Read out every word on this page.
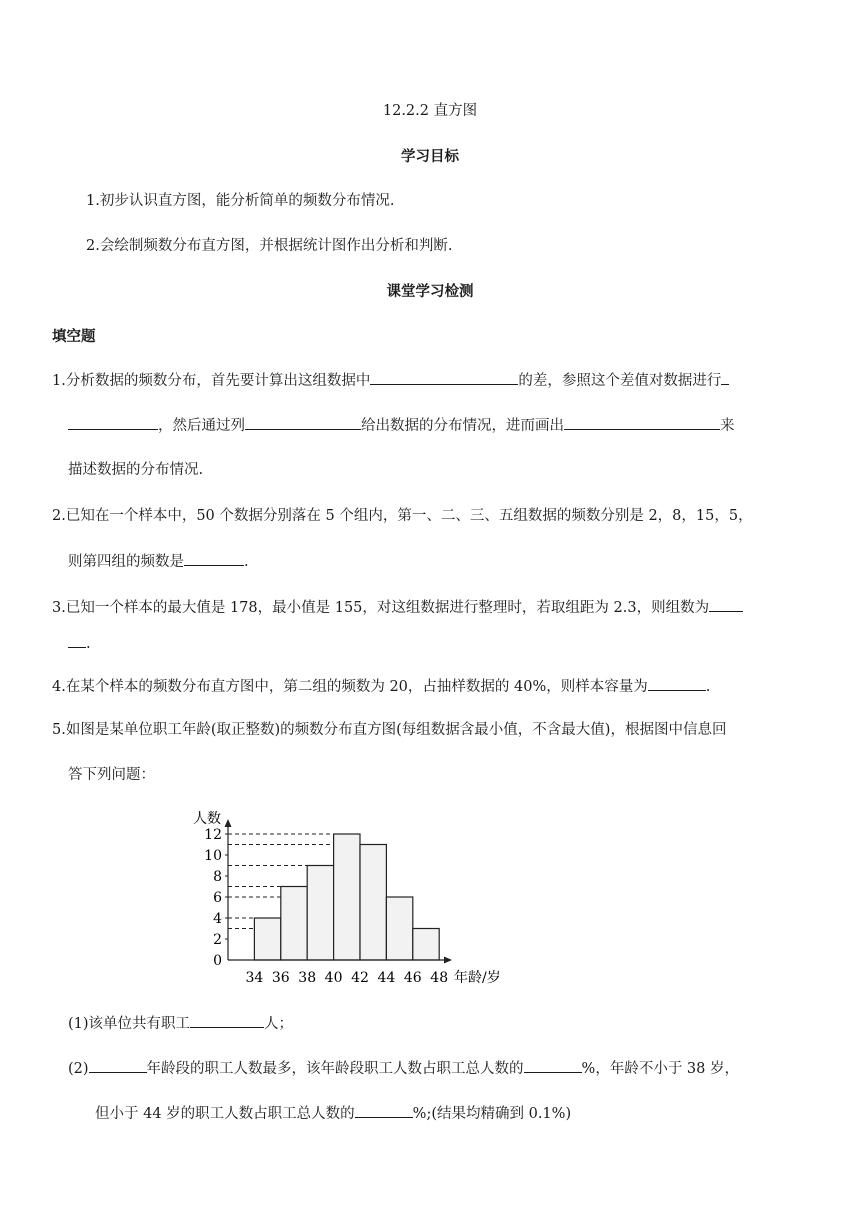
12.2.2 直方图
学习目标
1.初步认识直方图，能分析简单的频数分布情况.
2.会绘制频数分布直方图，并根据统计图作出分析和判断.
课堂学习检测
填空题
1.分析数据的频数分布，首先要计算出这组数据中	的差，参照这个差值对数据进行
，然后通过列	给出数据的分布情况，进而画出	来
描述数据的分布情况.
2.已知在一个样本中，50 个数据分别落在 5 个组内，第一、二、三、五组数据的频数分别是 2，8，15，5，
则第四组的频数是	.
3.已知一个样本的最大值是 178，最小值是 155，对这组数据进行整理时，若取组距为 2.3，则组数为
.
4.在某个样本的频数分布直方图中，第二组的频数为 20，占抽样数据的 40%，则样本容量为	.
5.如图是某单位职工年龄(取正整数)的频数分布直方图(每组数据含最小值，不含最大值)，根据图中信息回
答下列问题：
0
2
4
6
8
10
12
34 36 38 40 42 44 46 48
人数
年龄/岁
(1)该单位共有职工	人；
(2)	年龄段的职工人数最多，该年龄段职工人数占职工总人数的	%，年龄不小于 38 岁，
但小于 44 岁的职工人数占职工总人数的	%;(结果均精确到 0.1%)
